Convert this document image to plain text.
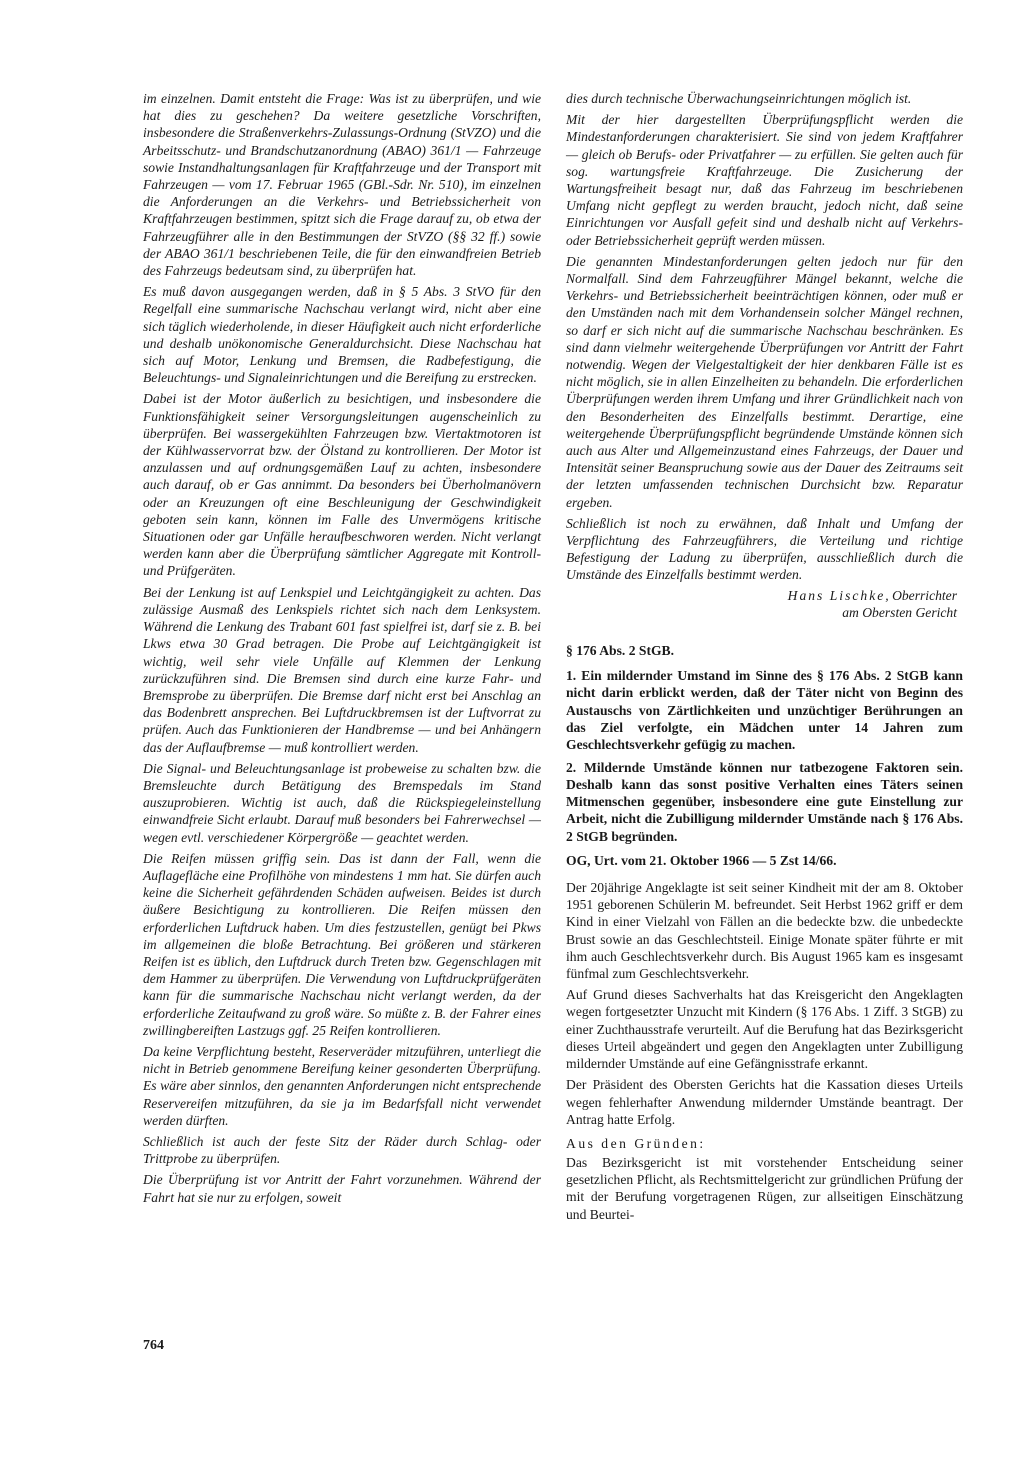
im einzelnen. Damit entsteht die Frage: Was ist zu überprüfen, und wie hat dies zu geschehen? Da weitere gesetzliche Vorschriften, insbesondere die Straßenverkehrs-Zulassungs-Ordnung (StVZO) und die Arbeitsschutz- und Brandschutzanordnung (ABAO) 361/1 — Fahrzeuge sowie Instandhaltungsanlagen für Kraftfahrzeuge und der Transport mit Fahrzeugen — vom 17. Februar 1965 (GBl.-Sdr. Nr. 510), im einzelnen die Anforderungen an die Verkehrs- und Betriebssicherheit von Kraftfahrzeugen bestimmen, spitzt sich die Frage darauf zu, ob etwa der Fahrzeugführer alle in den Bestimmungen der StVZO (§§ 32 ff.) sowie der ABAO 361/1 beschriebenen Teile, die für den einwandfreien Betrieb des Fahrzeugs bedeutsam sind, zu überprüfen hat.

Es muß davon ausgegangen werden, daß in § 5 Abs. 3 StVO für den Regelfall eine summarische Nachschau verlangt wird, nicht aber eine sich täglich wiederholende, in dieser Häufigkeit auch nicht erforderliche und deshalb unökonomische Generaldurchsicht. Diese Nachschau hat sich auf Motor, Lenkung und Bremsen, die Radbefestigung, die Beleuchtungs- und Signaleinrichtungen und die Bereifung zu erstrecken.

Dabei ist der Motor äußerlich zu besichtigen, und insbesondere die Funktionsfähigkeit seiner Versorgungsleitungen augenscheinlich zu überprüfen. Bei wassergekühlten Fahrzeugen bzw. Viertaktmotoren ist der Kühlwasservorrat bzw. der Ölstand zu kontrollieren. Der Motor ist anzulassen und auf ordnungsgemäßen Lauf zu achten, insbesondere auch darauf, ob er Gas annimmt. Da besonders bei Überholmanövern oder an Kreuzungen oft eine Beschleunigung der Geschwindigkeit geboten sein kann, können im Falle des Unvermögens kritische Situationen oder gar Unfälle heraufbeschworen werden. Nicht verlangt werden kann aber die Überprüfung sämtlicher Aggregate mit Kontroll- und Prüfgeräten.

Bei der Lenkung ist auf Lenkspiel und Leichtgängigkeit zu achten. Das zulässige Ausmaß des Lenkspiels richtet sich nach dem Lenksystem. Während die Lenkung des Trabant 601 fast spielfrei ist, darf sie z. B. bei Lkws etwa 30 Grad betragen. Die Probe auf Leichtgängigkeit ist wichtig, weil sehr viele Unfälle auf Klemmen der Lenkung zurückzuführen sind. Die Bremsen sind durch eine kurze Fahr- und Bremsprobe zu überprüfen. Die Bremse darf nicht erst bei Anschlag an das Bodenbrett ansprechen. Bei Luftdruckbremsen ist der Luftvorrat zu prüfen. Auch das Funktionieren der Handbremse — und bei Anhängern das der Auflaufbremse — muß kontrolliert werden.

Die Signal- und Beleuchtungsanlage ist probeweise zu schalten bzw. die Bremsleuchte durch Betätigung des Bremspedals im Stand auszuprobieren. Wichtig ist auch, daß die Rückspiegeleinstellung einwandfreie Sicht erlaubt. Darauf muß besonders bei Fahrerwechsel — wegen evtl. verschiedener Körpergröße — geachtet werden.

Die Reifen müssen griffig sein. Das ist dann der Fall, wenn die Auflagefläche eine Profilhöhe von mindestens 1 mm hat. Sie dürfen auch keine die Sicherheit gefährdenden Schäden aufweisen. Beides ist durch äußere Besichtigung zu kontrollieren. Die Reifen müssen den erforderlichen Luftdruck haben. Um dies festzustellen, genügt bei Pkws im allgemeinen die bloße Betrachtung. Bei größeren und stärkeren Reifen ist es üblich, den Luftdruck durch Treten bzw. Gegenschlagen mit dem Hammer zu überprüfen. Die Verwendung von Luftdruckprüfgeräten kann für die summarische Nachschau nicht verlangt werden, da der erforderliche Zeitaufwand zu groß wäre. So müßte z. B. der Fahrer eines zwillingbereiften Lastzugs ggf. 25 Reifen kontrollieren.

Da keine Verpflichtung besteht, Reserveräder mitzuführen, unterliegt die nicht in Betrieb genommene Bereifung keiner gesonderten Überprüfung. Es wäre aber sinnlos, den genannten Anforderungen nicht entsprechende Reservereifen mitzuführen, da sie ja im Bedarfsfall nicht verwendet werden dürften.

Schließlich ist auch der feste Sitz der Räder durch Schlag- oder Trittprobe zu überprüfen.

Die Überprüfung ist vor Antritt der Fahrt vorzunehmen. Während der Fahrt hat sie nur zu erfolgen, soweit

dies durch technische Überwachungseinrichtungen möglich ist.

Mit der hier dargestellten Überprüfungspflicht werden die Mindestanforderungen charakterisiert. Sie sind von jedem Kraftfahrer — gleich ob Berufs- oder Privatfahrer — zu erfüllen. Sie gelten auch für sog. wartungsfreie Kraftfahrzeuge. Die Zusicherung der Wartungsfreiheit besagt nur, daß das Fahrzeug im beschriebenen Umfang nicht gepflegt zu werden braucht, jedoch nicht, daß seine Einrichtungen vor Ausfall gefeit sind und deshalb nicht auf Verkehrs- oder Betriebssicherheit geprüft werden müssen.

Die genannten Mindestanforderungen gelten jedoch nur für den Normalfall. Sind dem Fahrzeugführer Mängel bekannt, welche die Verkehrs- und Betriebssicherheit beeinträchtigen können, oder muß er den Umständen nach mit dem Vorhandensein solcher Mängel rechnen, so darf er sich nicht auf die summarische Nachschau beschränken. Es sind dann vielmehr weitergehende Überprüfungen vor Antritt der Fahrt notwendig. Wegen der Vielgestaltigkeit der hier denkbaren Fälle ist es nicht möglich, sie in allen Einzelheiten zu behandeln. Die erforderlichen Überprüfungen werden ihrem Umfang und ihrer Gründlichkeit nach von den Besonderheiten des Einzelfalls bestimmt. Derartige, eine weitergehende Überprüfungspflicht begründende Umstände können sich auch aus Alter und Allgemeinzustand eines Fahrzeugs, der Dauer und Intensität seiner Beanspruchung sowie aus der Dauer des Zeitraums seit der letzten umfassenden technischen Durchsicht bzw. Reparatur ergeben.

Schließlich ist noch zu erwähnen, daß Inhalt und Umfang der Verpflichtung des Fahrzeugführers, die Verteilung und richtige Befestigung der Ladung zu überprüfen, ausschließlich durch die Umstände des Einzelfalls bestimmt werden.

Hans Lischke, Oberrichter
am Obersten Gericht
§ 176 Abs. 2 StGB.

1. Ein mildernder Umstand im Sinne des § 176 Abs. 2 StGB kann nicht darin erblickt werden, daß der Täter nicht von Beginn des Austauschs von Zärtlichkeiten und unzüchtiger Berührungen an das Ziel verfolgte, ein Mädchen unter 14 Jahren zum Geschlechtsverkehr gefügig zu machen.

2. Mildernde Umstände können nur tatbezogene Faktoren sein. Deshalb kann das sonst positive Verhalten eines Täters seinen Mitmenschen gegenüber, insbesondere eine gute Einstellung zur Arbeit, nicht die Zubilligung mildernder Umstände nach § 176 Abs. 2 StGB begründen.

OG, Urt. vom 21. Oktober 1966 — 5 Zst 14/66.

Der 20jährige Angeklagte ist seit seiner Kindheit mit der am 8. Oktober 1951 geborenen Schülerin M. befreundet. Seit Herbst 1962 griff er dem Kind in einer Vielzahl von Fällen an die bedeckte bzw. die unbedeckte Brust sowie an das Geschlechtsteil. Einige Monate später führte er mit ihm auch Geschlechtsverkehr durch. Bis August 1965 kam es insgesamt fünfmal zum Geschlechtsverkehr.

Auf Grund dieses Sachverhalts hat das Kreisgericht den Angeklagten wegen fortgesetzter Unzucht mit Kindern (§ 176 Abs. 1 Ziff. 3 StGB) zu einer Zuchthausstrafe verurteilt. Auf die Berufung hat das Bezirksgericht dieses Urteil abgeändert und gegen den Angeklagten unter Zubilligung mildernder Umstände auf eine Gefängnisstrafe erkannt.

Der Präsident des Obersten Gerichts hat die Kassation dieses Urteils wegen fehlerhafter Anwendung mildernder Umstände beantragt. Der Antrag hatte Erfolg.

Aus den Gründen:

Das Bezirksgericht ist mit vorstehender Entscheidung seiner gesetzlichen Pflicht, als Rechtsmittelgericht zur gründlichen Prüfung der mit der Berufung vorgetragenen Rügen, zur allseitigen Einschätzung und Beurtei-

764
